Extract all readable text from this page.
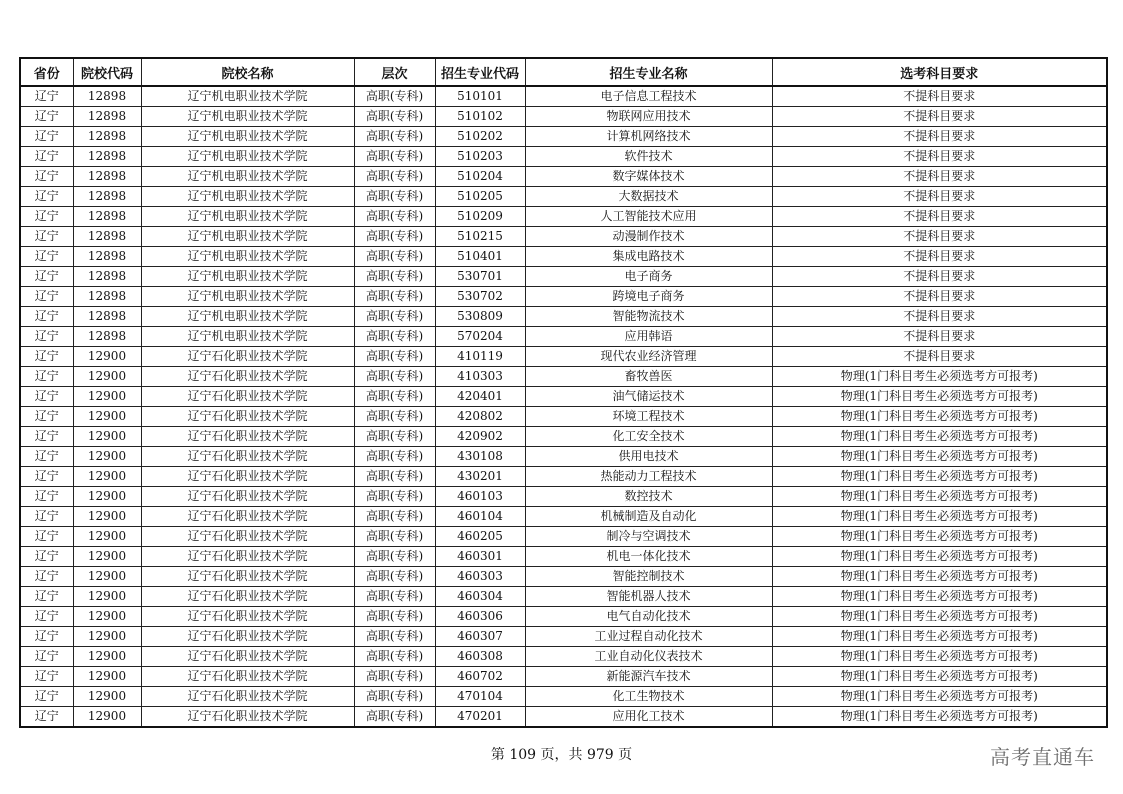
省份	院校代码	院校名称	层次	招生专业代码	招生专业名称	选考科目要求
辽宁	12898	辽宁机电职业技术学院	高职(专科)	510101	电子信息工程技术	不提科目要求
辽宁	12898	辽宁机电职业技术学院	高职(专科)	510102	物联网应用技术	不提科目要求
辽宁	12898	辽宁机电职业技术学院	高职(专科)	510202	计算机网络技术	不提科目要求
辽宁	12898	辽宁机电职业技术学院	高职(专科)	510203	软件技术	不提科目要求
辽宁	12898	辽宁机电职业技术学院	高职(专科)	510204	数字媒体技术	不提科目要求
辽宁	12898	辽宁机电职业技术学院	高职(专科)	510205	大数据技术	不提科目要求
辽宁	12898	辽宁机电职业技术学院	高职(专科)	510209	人工智能技术应用	不提科目要求
辽宁	12898	辽宁机电职业技术学院	高职(专科)	510215	动漫制作技术	不提科目要求
辽宁	12898	辽宁机电职业技术学院	高职(专科)	510401	集成电路技术	不提科目要求
辽宁	12898	辽宁机电职业技术学院	高职(专科)	530701	电子商务	不提科目要求
辽宁	12898	辽宁机电职业技术学院	高职(专科)	530702	跨境电子商务	不提科目要求
辽宁	12898	辽宁机电职业技术学院	高职(专科)	530809	智能物流技术	不提科目要求
辽宁	12898	辽宁机电职业技术学院	高职(专科)	570204	应用韩语	不提科目要求
辽宁	12900	辽宁石化职业技术学院	高职(专科)	410119	现代农业经济管理	不提科目要求
辽宁	12900	辽宁石化职业技术学院	高职(专科)	410303	畜牧兽医	物理(1门科目考生必须选考方可报考)
辽宁	12900	辽宁石化职业技术学院	高职(专科)	420401	油气储运技术	物理(1门科目考生必须选考方可报考)
辽宁	12900	辽宁石化职业技术学院	高职(专科)	420802	环境工程技术	物理(1门科目考生必须选考方可报考)
辽宁	12900	辽宁石化职业技术学院	高职(专科)	420902	化工安全技术	物理(1门科目考生必须选考方可报考)
辽宁	12900	辽宁石化职业技术学院	高职(专科)	430108	供用电技术	物理(1门科目考生必须选考方可报考)
辽宁	12900	辽宁石化职业技术学院	高职(专科)	430201	热能动力工程技术	物理(1门科目考生必须选考方可报考)
辽宁	12900	辽宁石化职业技术学院	高职(专科)	460103	数控技术	物理(1门科目考生必须选考方可报考)
辽宁	12900	辽宁石化职业技术学院	高职(专科)	460104	机械制造及自动化	物理(1门科目考生必须选考方可报考)
辽宁	12900	辽宁石化职业技术学院	高职(专科)	460205	制冷与空调技术	物理(1门科目考生必须选考方可报考)
辽宁	12900	辽宁石化职业技术学院	高职(专科)	460301	机电一体化技术	物理(1门科目考生必须选考方可报考)
辽宁	12900	辽宁石化职业技术学院	高职(专科)	460303	智能控制技术	物理(1门科目考生必须选考方可报考)
辽宁	12900	辽宁石化职业技术学院	高职(专科)	460304	智能机器人技术	物理(1门科目考生必须选考方可报考)
辽宁	12900	辽宁石化职业技术学院	高职(专科)	460306	电气自动化技术	物理(1门科目考生必须选考方可报考)
辽宁	12900	辽宁石化职业技术学院	高职(专科)	460307	工业过程自动化技术	物理(1门科目考生必须选考方可报考)
辽宁	12900	辽宁石化职业技术学院	高职(专科)	460308	工业自动化仪表技术	物理(1门科目考生必须选考方可报考)
辽宁	12900	辽宁石化职业技术学院	高职(专科)	460702	新能源汽车技术	物理(1门科目考生必须选考方可报考)
辽宁	12900	辽宁石化职业技术学院	高职(专科)	470104	化工生物技术	物理(1门科目考生必须选考方可报考)
辽宁	12900	辽宁石化职业技术学院	高职(专科)	470201	应用化工技术	物理(1门科目考生必须选考方可报考)
第 109 页，共 979 页	高考直通车
